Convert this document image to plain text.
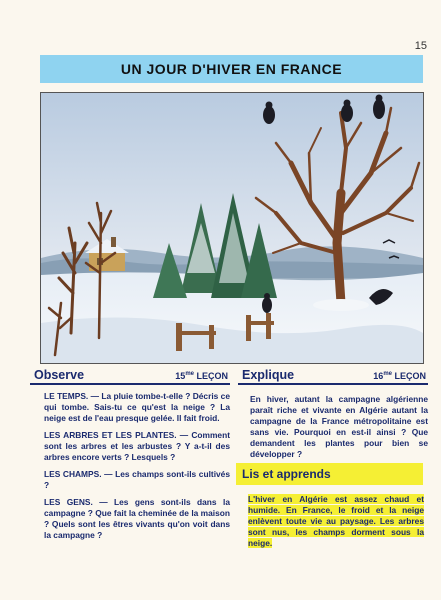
15
UN JOUR D'HIVER EN FRANCE
Observe	$15^{me}$ LEÇON

LE TEMPS. — La pluie tombe-t-elle ? Décris ce qui tombe. Sais-tu ce qu'est la neige ? La neige est de l'eau presque gelée. Il fait froid.

LES ARBRES ET LES PLANTES. — Comment sont les arbres et les arbustes ? Y a-t-il des arbres encore verts ? Lesquels ?

LES CHAMPS. — Les champs sont-ils cultivés ?

LES GENS. — Les gens sont-ils dans la campagne ? Que fait la cheminée de la maison ? Quels sont les êtres vivants qu'on voit dans la campagne ?

Explique	$16^{me}$ LEÇON

En hiver, autant la campagne algérienne paraît riche et vivante en Algérie autant la campagne de la France métropolitaine est sans vie. Pourquoi en est-il ainsi ? Que demandent les plantes pour bien se développer ?

Lis et apprends
L'hiver en Algérie est assez chaud et humide. En France, le froid et la neige enlèvent toute vie au paysage. Les arbres sont nus, les champs dorment sous la neige.
